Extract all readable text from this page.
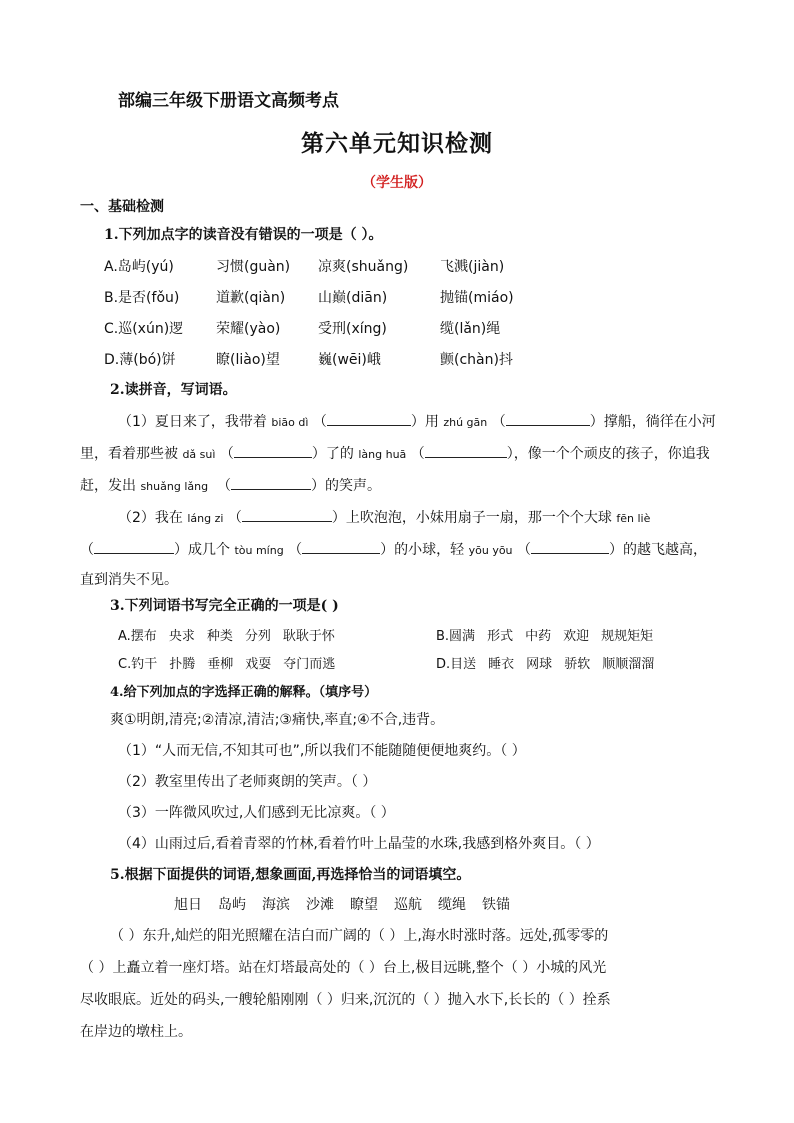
部编三年级下册语文高频考点
第六单元知识检测
（学生版）
一、基础检测
1.下列加点字的读音没有错误的一项是（ ）。
A.岛屿(yú)	习惯(guàn) 凉爽(shuǎng) 飞溅(jiàn)
B.是否(fǒu)	道歉(qiàn) 山巅(diān)	抛锚(miáo)
C.巡(xún)逻 荣耀(yào)	受刑(xíng)	缆(lǎn)绳
D.薄(bó)饼	瞭(liào)望	巍(wēi)峨	颤(chàn)抖
2.读拼音，写词语。
（1）夏日来了，我带着 biāo dì （	）用 zhú gān （	）撑船，徜徉在小河
里，看着那些被 dǎ suì （	）了的 làng huā （	），像一个个顽皮的孩子，你追我
赶，发出 shuǎng lǎng  （	）的笑声。
（2）我在 láng zi （	）上吹泡泡，小妹用扇子一扇，那一个个大球 fēn liè
（	）成几个 tòu míng （	）的小球，轻 yōu yōu （	）的越飞越高，
直到消失不见。
3.下列词语书写完全正确的一项是( )
A.摆布 央求 种类 分列 耿耿于怀	B.圆满 形式 中药 欢迎 规规矩矩
C.钓干 扑腾 垂柳 戏耍 夺门而逃	D.目送 睡衣 网球 骄软 顺顺溜溜
4.给下列加点的字选择正确的解释。（填序号）
爽①明朗,清亮;②清凉,清洁;③痛快,率直;④不合,违背。
（1）“人而无信,不知其可也”,所以我们不能随随便便地爽约。（ ）
（2）教室里传出了老师爽朗的笑声。（ ）
（3）一阵微风吹过,人们感到无比凉爽。（ ）
（4）山雨过后,看着青翠的竹林,看着竹叶上晶莹的水珠,我感到格外爽目。（ ）
5.根据下面提供的词语,想象画面,再选择恰当的词语填空。
旭日 岛屿 海滨 沙滩 瞭望 巡航 缆绳 铁锚
（ ）东升,灿烂的阳光照耀在洁白而广阔的（ ）上,海水时涨时落。远处,孤零零的
（ ）上矗立着一座灯塔。站在灯塔最高处的（ ）台上,极目远眺,整个（ ）小城的风光
尽收眼底。近处的码头,一艘轮船刚刚（ ）归来,沉沉的（ ）抛入水下,长长的（ ）拴系
在岸边的墩柱上。
